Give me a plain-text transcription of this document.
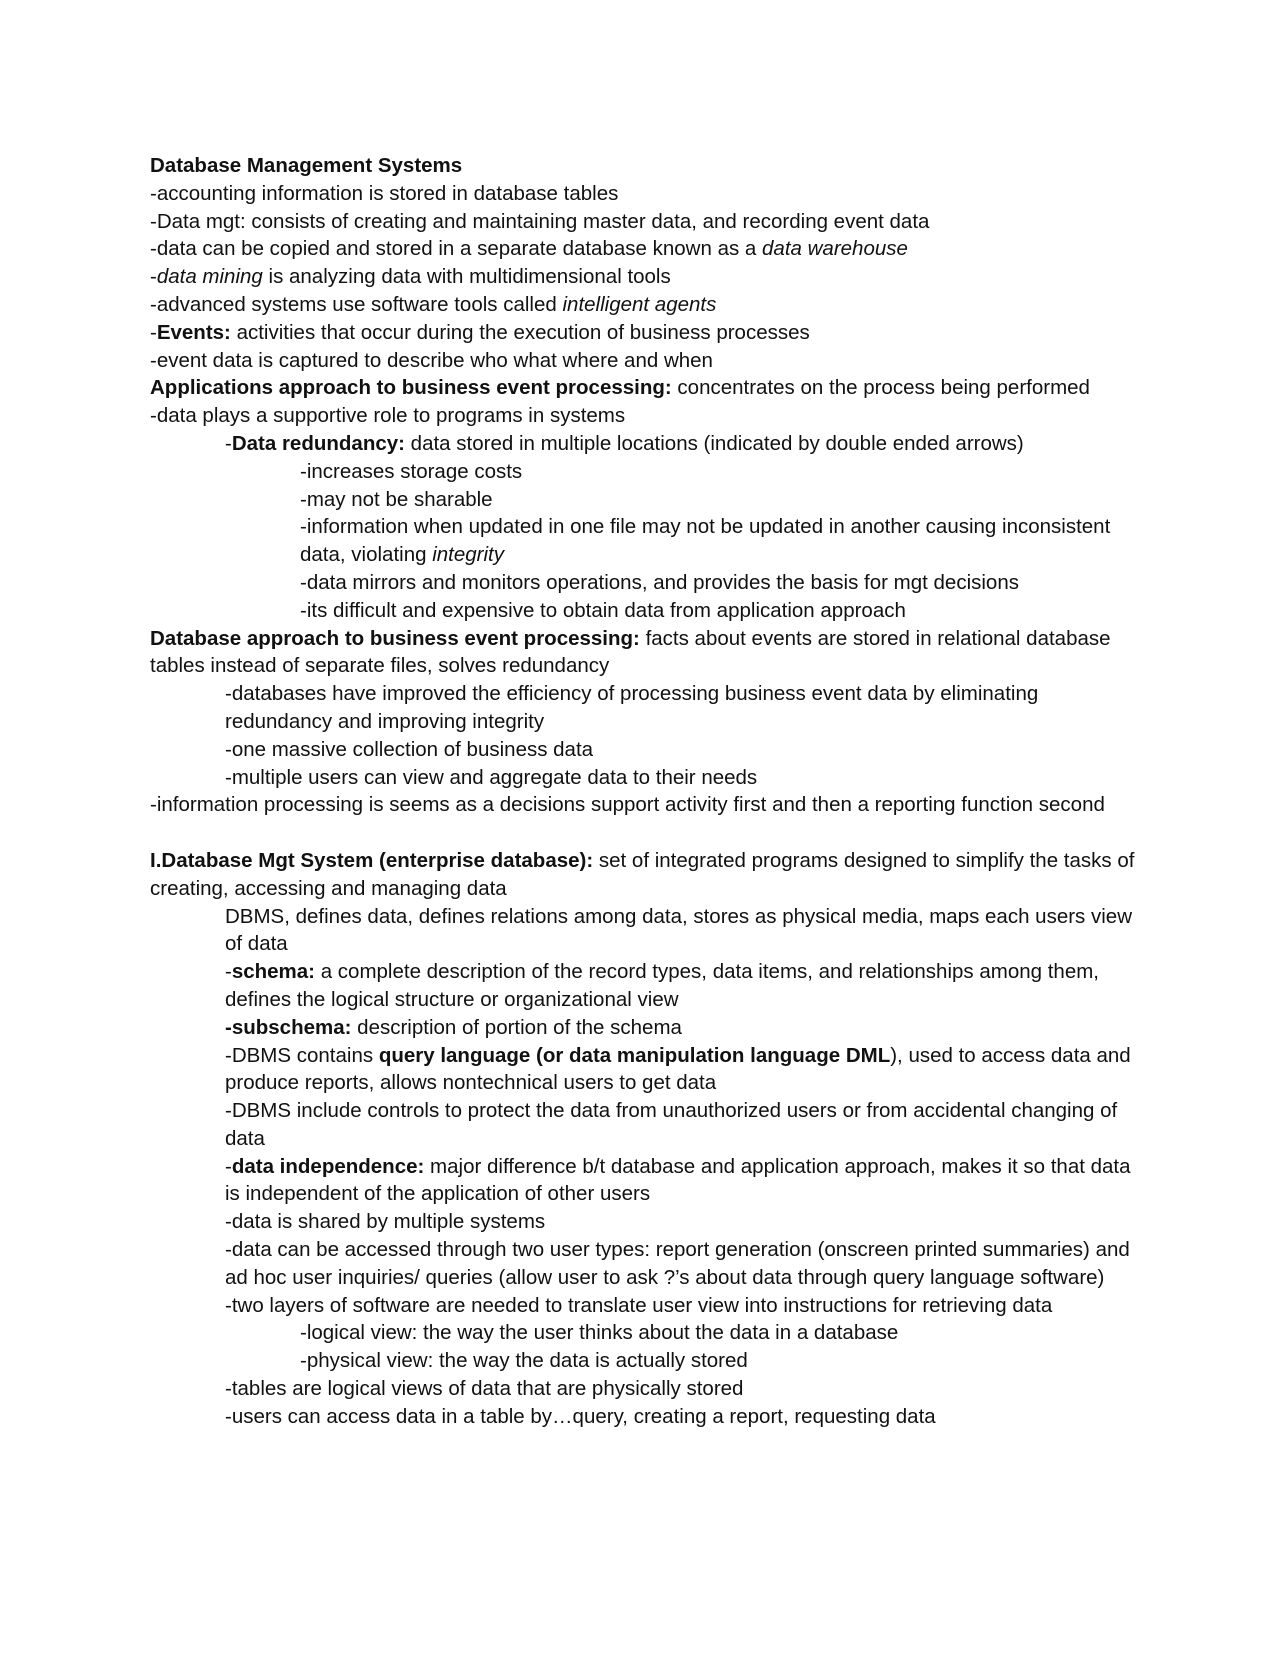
Database Management Systems
-accounting information is stored in database tables
-Data mgt: consists of creating and maintaining master data, and recording event data
-data can be copied and stored in a separate database known as a data warehouse
-data mining is analyzing data with multidimensional tools
-advanced systems use software tools called intelligent agents
-Events: activities that occur during the execution of business processes
-event data is captured to describe who what where and when
Applications approach to business event processing: concentrates on the process being performed
-data plays a supportive role to programs in systems
-Data redundancy: data stored in multiple locations (indicated by double ended arrows)
-increases storage costs
-may not be sharable
-information when updated in one file may not be updated in another causing inconsistent data, violating integrity
-data mirrors and monitors operations, and provides the basis for mgt decisions
-its difficult and expensive to obtain data from application approach
Database approach to business event processing: facts about events are stored in relational database tables instead of separate files, solves redundancy
-databases have improved the efficiency of processing business event data by eliminating redundancy and improving integrity
-one massive collection of business data
-multiple users can view and aggregate data to their needs
-information processing is seems as a decisions support activity first and then a reporting function second
I.Database Mgt System (enterprise database): set of integrated programs designed to simplify the tasks of creating, accessing and managing data
DBMS, defines data, defines relations among data, stores as physical media, maps each users view of data
-schema: a complete description of the record types, data items, and relationships among them, defines the logical structure or organizational view
-subschema: description of portion of the schema
-DBMS contains query language (or data manipulation language DML), used to access data and produce reports, allows nontechnical users to get data
-DBMS include controls to protect the data from unauthorized users or from accidental changing of data
-data independence: major difference b/t database and application approach, makes it so that data is independent of the application of other users
-data is shared by multiple systems
-data can be accessed through two user types: report generation (onscreen printed summaries) and ad hoc user inquiries/ queries (allow user to ask ?’s about data through query language software)
-two layers of software are needed to translate user view into instructions for retrieving data
-logical view: the way the user thinks about the data in a database
-physical view: the way the data is actually stored
-tables are logical views of data that are physically stored
-users can access data in a table by…query, creating a report, requesting data
